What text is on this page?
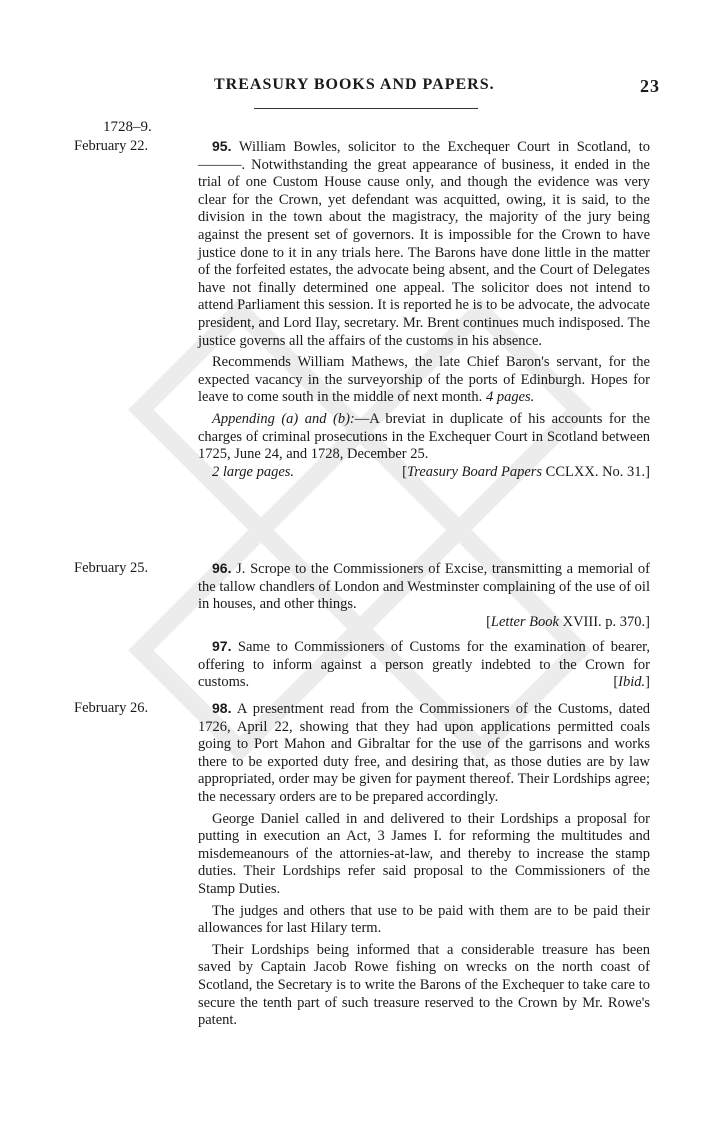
TREASURY BOOKS AND PAPERS.	23
1728–9.
February 22.	95. William Bowles, solicitor to the Exchequer Court in Scotland, to ———. Notwithstanding the great appearance of business, it ended in the trial of one Custom House cause only, and though the evidence was very clear for the Crown, yet defendant was acquitted, owing, it is said, to the division in the town about the magistracy, the majority of the jury being against the present set of governors. It is impossible for the Crown to have justice done to it in any trials here. The Barons have done little in the matter of the forfeited estates, the advocate being absent, and the Court of Delegates have not finally determined one appeal. The solicitor does not intend to attend Parliament this session. It is reported he is to be advocate, the advocate president, and Lord Ilay, secretary. Mr. Brent continues much indisposed. The justice governs all the affairs of the customs in his absence.

Recommends William Mathews, the late Chief Baron's servant, for the expected vacancy in the surveyorship of the ports of Edinburgh. Hopes for leave to come south in the middle of next month. 4 pages.

Appending (a) and (b):—A breviat in duplicate of his accounts for the charges of criminal prosecutions in the Exchequer Court in Scotland between 1725, June 24, and 1728, December 25.
2 large pages.	[Treasury Board Papers CCLXX. No. 31.]

February 25.	96. J. Scrope to the Commissioners of Excise, transmitting a memorial of the tallow chandlers of London and Westminster complaining of the use of oil in houses, and other things.
[Letter Book XVIII. p. 370.]

97. Same to Commissioners of Customs for the examination of bearer, offering to inform against a person greatly indebted to the Crown for customs.	[Ibid.]

February 26.	98. A presentment read from the Commissioners of the Customs, dated 1726, April 22, showing that they had upon applications permitted coals going to Port Mahon and Gibraltar for the use of the garrisons and works there to be exported duty free, and desiring that, as those duties are by law appropriated, order may be given for payment thereof. Their Lordships agree; the necessary orders are to be prepared accordingly.

George Daniel called in and delivered to their Lordships a proposal for putting in execution an Act, 3 James I. for reforming the multitudes and misdemeanours of the attornies-at-law, and thereby to increase the stamp duties. Their Lordships refer said proposal to the Commissioners of the Stamp Duties.

The judges and others that use to be paid with them are to be paid their allowances for last Hilary term.

Their Lordships being informed that a considerable treasure has been saved by Captain Jacob Rowe fishing on wrecks on the north coast of Scotland, the Secretary is to write the Barons of the Exchequer to take care to secure the tenth part of such treasure reserved to the Crown by Mr. Rowe's patent.
